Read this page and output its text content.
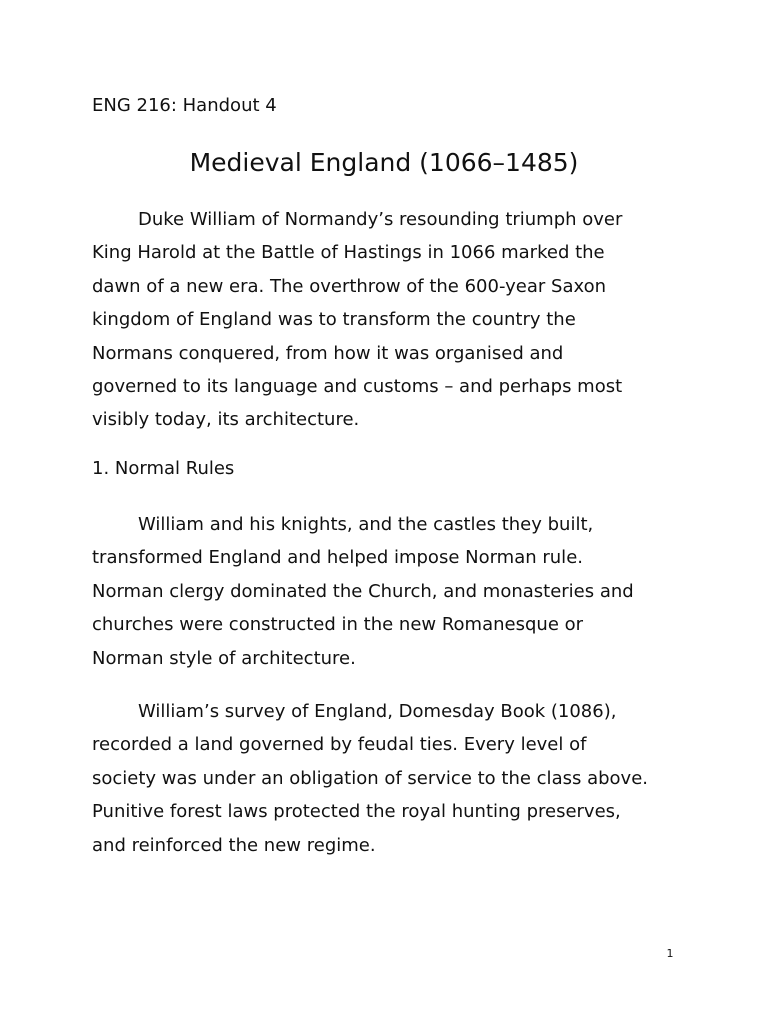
ENG 216: Handout 4

Medieval England (1066–1485)
Duke William of Normandy’s resounding triumph over
King Harold at the Battle of Hastings in 1066 marked the
dawn of a new era. The overthrow of the 600-year Saxon
kingdom of England was to transform the country the
Normans conquered, from how it was organised and
governed to its language and customs – and perhaps most
visibly today, its architecture.
1. Normal Rules
William and his knights, and the castles they built,
transformed England and helped impose Norman rule.
Norman clergy dominated the Church, and monasteries and
churches were constructed in the new Romanesque or
Norman style of architecture.
William’s survey of England, Domesday Book (1086),
recorded a land governed by feudal ties. Every level of
society was under an obligation of service to the class above.
Punitive forest laws protected the royal hunting preserves,
and reinforced the new regime.

1
